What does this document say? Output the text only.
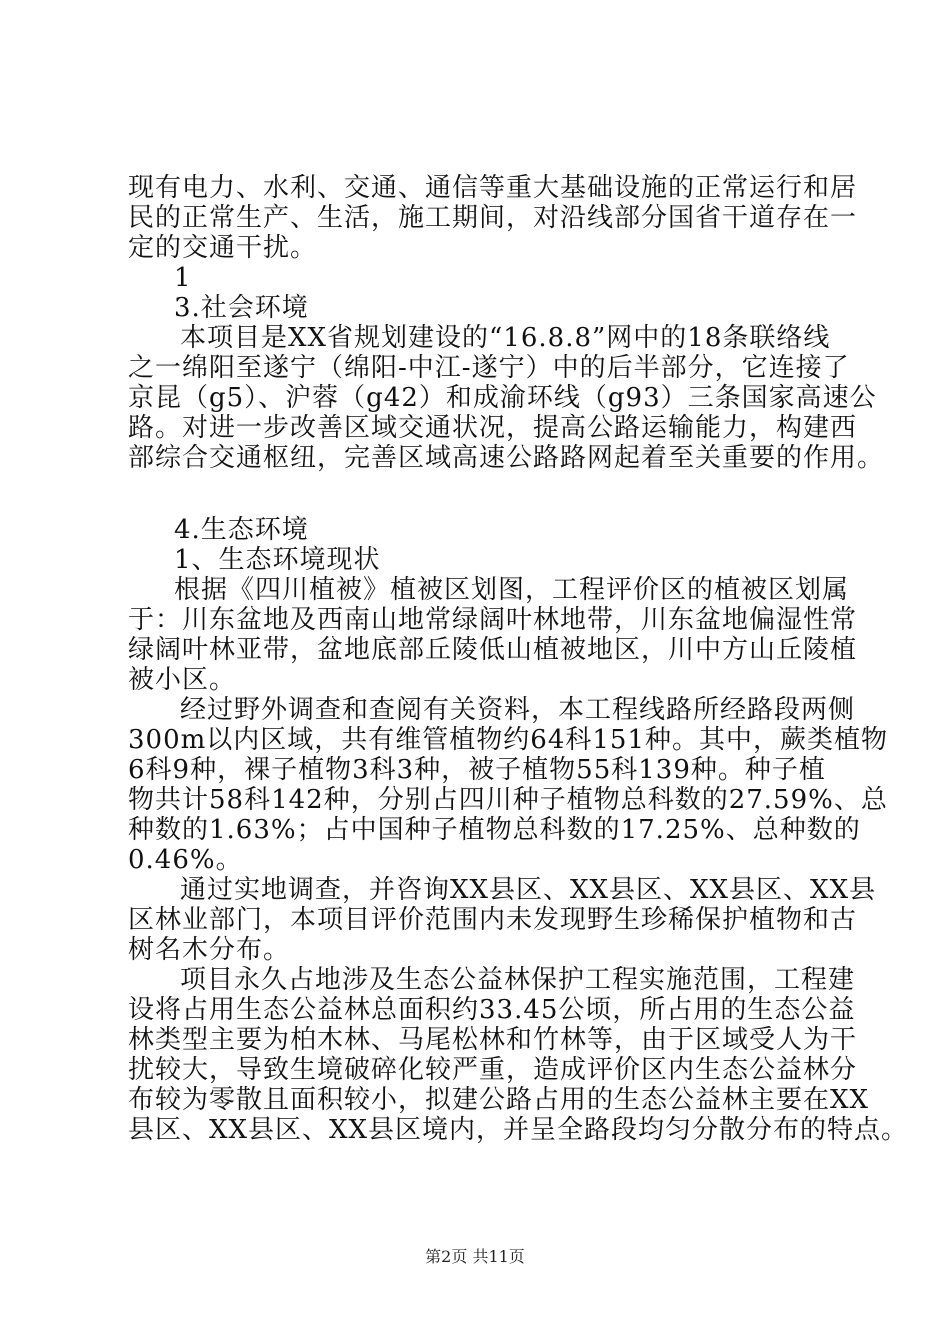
现有电力、水利、交通、通信等重大基础设施的正常运行和居
民的正常生产、生活，施工期间，对沿线部分国省干道存在一
定的交通干扰。
1
3.社会环境
本项目是XX省规划建设的“16.8.8”网中的18条联络线
之一绵阳至遂宁（绵阳-中江-遂宁）中的后半部分，它连接了
京昆（g5）、沪蓉（g42）和成渝环线（g93）三条国家高速公
路。对进一步改善区域交通状况，提高公路运输能力，构建西
部综合交通枢纽，完善区域高速公路路网起着至关重要的作用。
4.生态环境
1、生态环境现状
根据《四川植被》植被区划图，工程评价区的植被区划属
于：川东盆地及西南山地常绿阔叶林地带，川东盆地偏湿性常
绿阔叶林亚带，盆地底部丘陵低山植被地区，川中方山丘陵植
被小区。
经过野外调查和查阅有关资料，本工程线路所经路段两侧
300m以内区域，共有维管植物约64科151种。其中，蕨类植物
6科9种，裸子植物3科3种，被子植物55科139种。种子植
物共计58科142种，分别占四川种子植物总科数的27.59%、总
种数的1.63%；占中国种子植物总科数的17.25%、总种数的
0.46%。
通过实地调查，并咨询XX县区、XX县区、XX县区、XX县
区林业部门，本项目评价范围内未发现野生珍稀保护植物和古
树名木分布。
项目永久占地涉及生态公益林保护工程实施范围，工程建
设将占用生态公益林总面积约33.45公顷，所占用的生态公益
林类型主要为柏木林、马尾松林和竹林等，由于区域受人为干
扰较大，导致生境破碎化较严重，造成评价区内生态公益林分
布较为零散且面积较小，拟建公路占用的生态公益林主要在XX
县区、XX县区、XX县区境内，并呈全路段均匀分散分布的特点。
第2页 共11页
